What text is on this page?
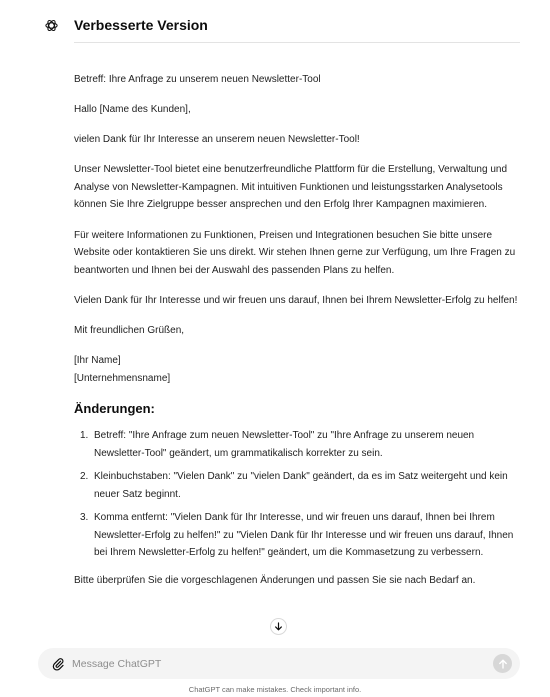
Verbesserte Version

Betreff: Ihre Anfrage zu unserem neuen Newsletter-Tool

Hallo [Name des Kunden],

vielen Dank für Ihr Interesse an unserem neuen Newsletter-Tool!

Unser Newsletter-Tool bietet eine benutzerfreundliche Plattform für die Erstellung, Verwaltung und Analyse von Newsletter-Kampagnen. Mit intuitiven Funktionen und leistungsstarken Analysetools können Sie Ihre Zielgruppe besser ansprechen und den Erfolg Ihrer Kampagnen maximieren.

Für weitere Informationen zu Funktionen, Preisen und Integrationen besuchen Sie bitte unsere Website oder kontaktieren Sie uns direkt. Wir stehen Ihnen gerne zur Verfügung, um Ihre Fragen zu beantworten und Ihnen bei der Auswahl des passenden Plans zu helfen.

Vielen Dank für Ihr Interesse und wir freuen uns darauf, Ihnen bei Ihrem Newsletter-Erfolg zu helfen!

Mit freundlichen Grüßen,

[Ihr Name]
[Unternehmensname]
Änderungen:
1. Betreff: "Ihre Anfrage zum neuen Newsletter-Tool" zu "Ihre Anfrage zu unserem neuen Newsletter-Tool" geändert, um grammatikalisch korrekter zu sein.
2. Kleinbuchstaben: "Vielen Dank" zu "vielen Dank" geändert, da es im Satz weitergeht und kein neuer Satz beginnt.
3. Komma entfernt: "Vielen Dank für Ihr Interesse, und wir freuen uns darauf, Ihnen bei Ihrem Newsletter-Erfolg zu helfen!" zu "Vielen Dank für Ihr Interesse und wir freuen uns darauf, Ihnen bei Ihrem Newsletter-Erfolg zu helfen!" geändert, um die Kommasetzung zu verbessern.

Bitte überprüfen Sie die vorgeschlagenen Änderungen und passen Sie sie nach Bedarf an.

Message ChatGPT
ChatGPT can make mistakes. Check important info.
